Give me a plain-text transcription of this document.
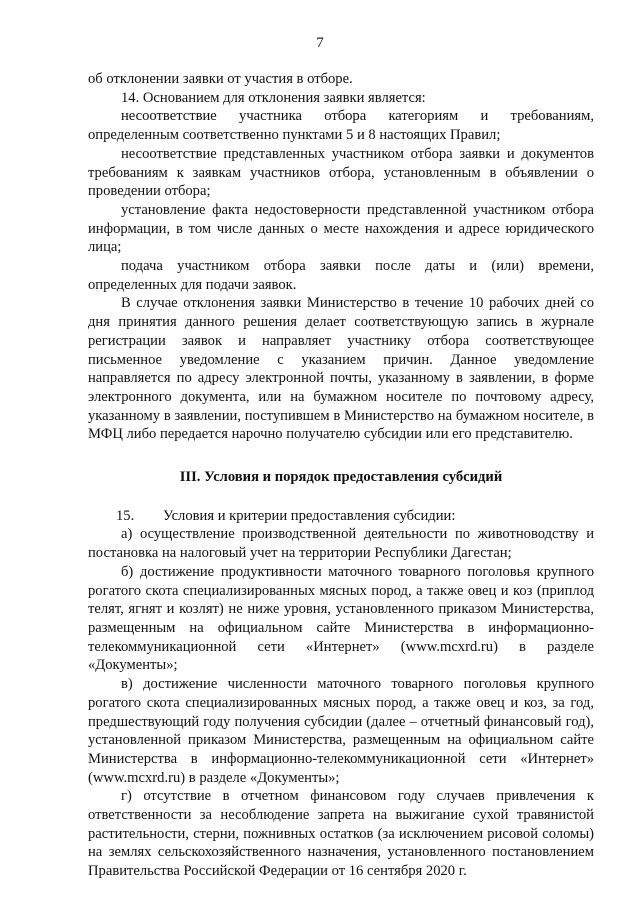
7

об отклонении заявки от участия в отборе.

14. Основанием для отклонения заявки является:

несоответствие участника отбора категориям и требованиям, определенным соответственно пунктами 5 и 8 настоящих Правил;

несоответствие представленных участником отбора заявки и документов требованиям к заявкам участников отбора, установленным в объявлении о проведении отбора;

установление факта недостоверности представленной участником отбора информации, в том числе данных о месте нахождения и адресе юридического лица;

подача участником отбора заявки после даты и (или) времени, определенных для подачи заявок.

В случае отклонения заявки Министерство в течение 10 рабочих дней со дня принятия данного решения делает соответствующую запись в журнале регистрации заявок и направляет участнику отбора соответствующее письменное уведомление с указанием причин. Данное уведомление направляется по адресу электронной почты, указанному в заявлении, в форме электронного документа, или на бумажном носителе по почтовому адресу, указанному в заявлении, поступившем в Министерство на бумажном носителе, в МФЦ либо передается нарочно получателю субсидии или его представителю.

III. Условия и порядок предоставления субсидий

15. Условия и критерии предоставления субсидии:

а) осуществление производственной деятельности по животноводству и постановка на налоговый учет на территории Республики Дагестан;

б) достижение продуктивности маточного товарного поголовья крупного рогатого скота специализированных мясных пород, а также овец и коз (приплод телят, ягнят и козлят) не ниже уровня, установленного приказом Министерства, размещенным на официальном сайте Министерства в информационно-телекоммуникационной сети «Интернет» (www.mcxrd.ru) в разделе «Документы»;

в) достижение численности маточного товарного поголовья крупного рогатого скота специализированных мясных пород, а также овец и коз, за год, предшествующий году получения субсидии (далее – отчетный финансовый год), установленной приказом Министерства, размещенным на официальном сайте Министерства в информационно-телекоммуникационной сети «Интернет» (www.mcxrd.ru) в разделе «Документы»;

г) отсутствие в отчетном финансовом году случаев привлечения к ответственности за несоблюдение запрета на выжигание сухой травянистой растительности, стерни, пожнивных остатков (за исключением рисовой соломы) на землях сельскохозяйственного назначения, установленного постановлением Правительства Российской Федерации от 16 сентября 2020 г.
